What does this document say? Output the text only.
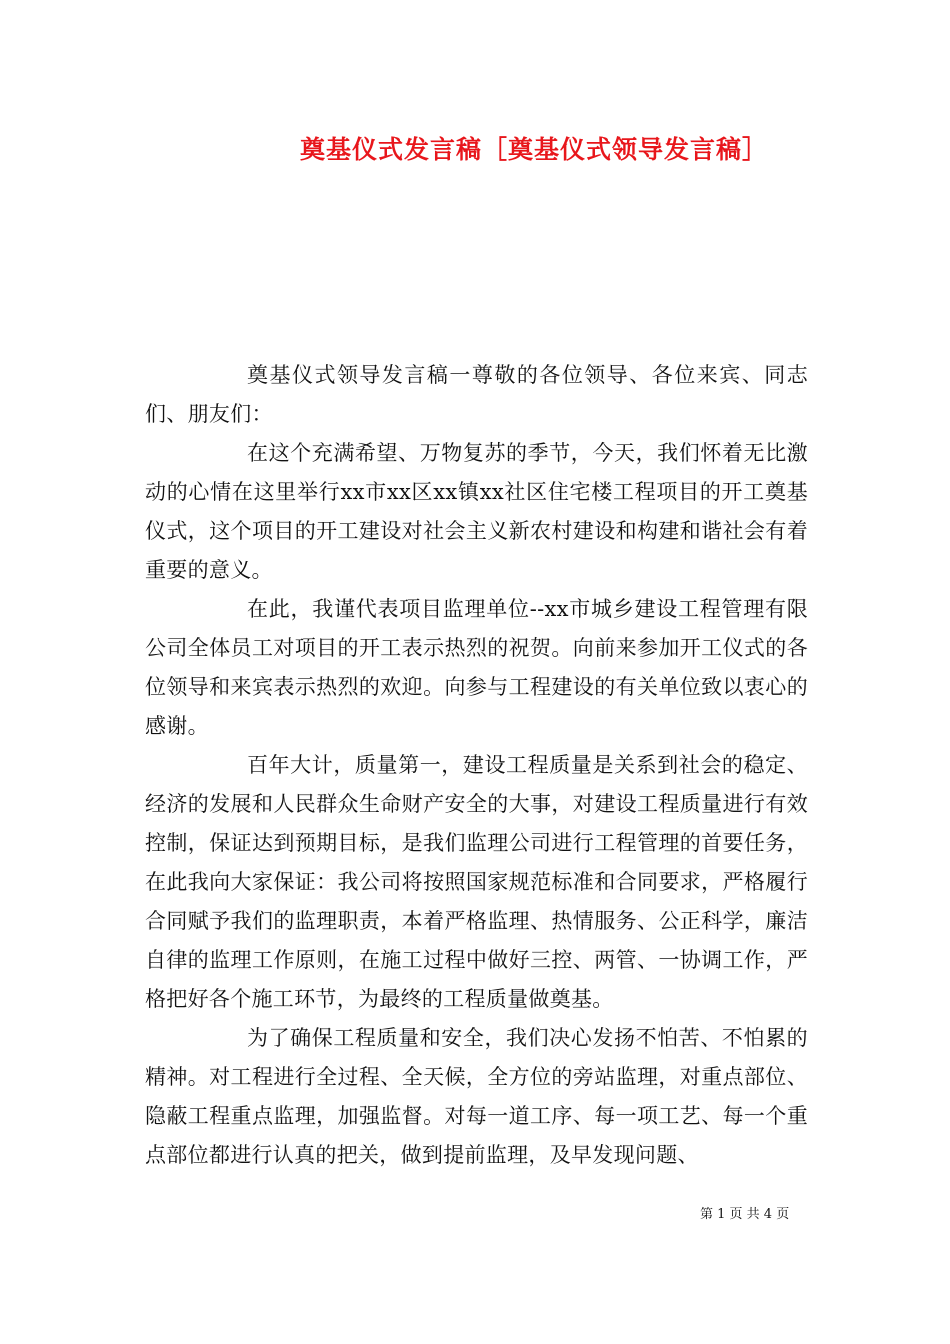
奠基仪式发言稿［奠基仪式领导发言稿］

奠基仪式领导发言稿一尊敬的各位领导、各位来宾、同志们、朋友们：

在这个充满希望、万物复苏的季节，今天，我们怀着无比激动的心情在这里举行xx市xx区xx镇xx社区住宅楼工程项目的开工奠基仪式，这个项目的开工建设对社会主义新农村建设和构建和谐社会有着重要的意义。

在此，我谨代表项目监理单位--xx市城乡建设工程管理有限公司全体员工对项目的开工表示热烈的祝贺。向前来参加开工仪式的各位领导和来宾表示热烈的欢迎。向参与工程建设的有关单位致以衷心的感谢。

百年大计，质量第一，建设工程质量是关系到社会的稳定、经济的发展和人民群众生命财产安全的大事，对建设工程质量进行有效控制，保证达到预期目标，是我们监理公司进行工程管理的首要任务，在此我向大家保证：我公司将按照国家规范标准和合同要求，严格履行合同赋予我们的监理职责，本着严格监理、热情服务、公正科学，廉洁自律的监理工作原则，在施工过程中做好三控、两管、一协调工作，严格把好各个施工环节，为最终的工程质量做奠基。

为了确保工程质量和安全，我们决心发扬不怕苦、不怕累的精神。对工程进行全过程、全天候，全方位的旁站监理，对重点部位、隐蔽工程重点监理，加强监督。对每一道工序、每一项工艺、每一个重点部位都进行认真的把关，做到提前监理，及早发现问题、

第 1 页 共 4 页
